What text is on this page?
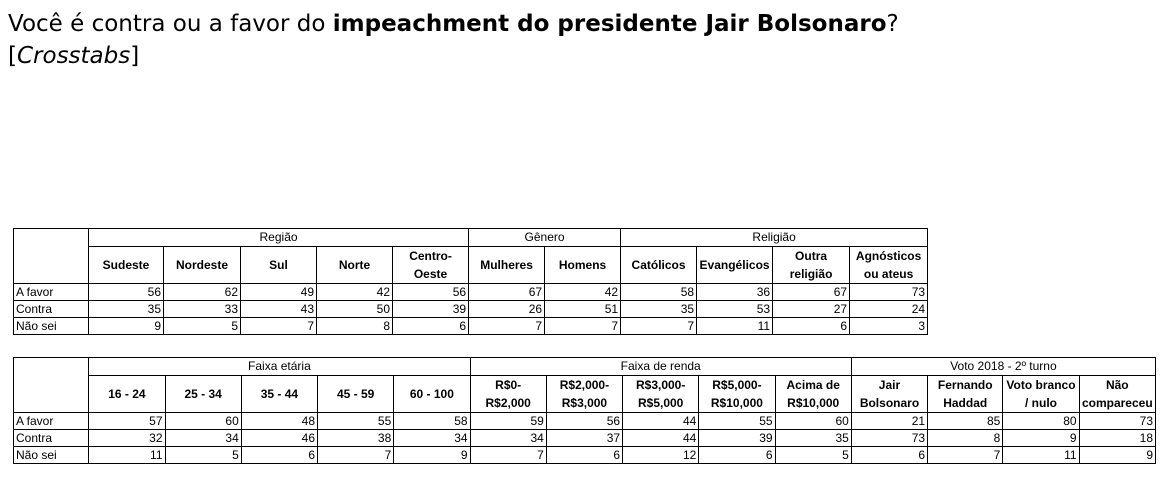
Você é contra ou a favor do impeachment do presidente Jair Bolsonaro?
[Crosstabs]
	Região					Gênero		Religião			
	Sudeste	Nordeste	Sul	Norte	Centro-Oeste	Mulheres	Homens	Católicos	Evangélicos	Outra religião	Agnósticos ou ateus
A favor	56	62	49	42	56	67	42	58	36	67	73
Contra	35	33	43	50	39	26	51	35	53	27	24
Não sei	9	5	7	8	6	7	7	7	11	6	3
	Faixa etária					Faixa de renda					Voto 2018 - 2º turno			
	16 - 24	25 - 34	35 - 44	45 - 59	60 - 100	R$0-R$2,000	R$2,000-R$3,000	R$3,000-R$5,000	R$5,000-R$10,000	Acima de R$10,000	Jair Bolsonaro	Fernando Haddad	Voto branco / nulo	Não compareceu
A favor	57	60	48	55	58	59	56	44	55	60	21	85	80	73
Contra	32	34	46	38	34	34	37	44	39	35	73	8	9	18
Não sei	11	5	6	7	9	7	6	12	6	5	6	7	11	9
